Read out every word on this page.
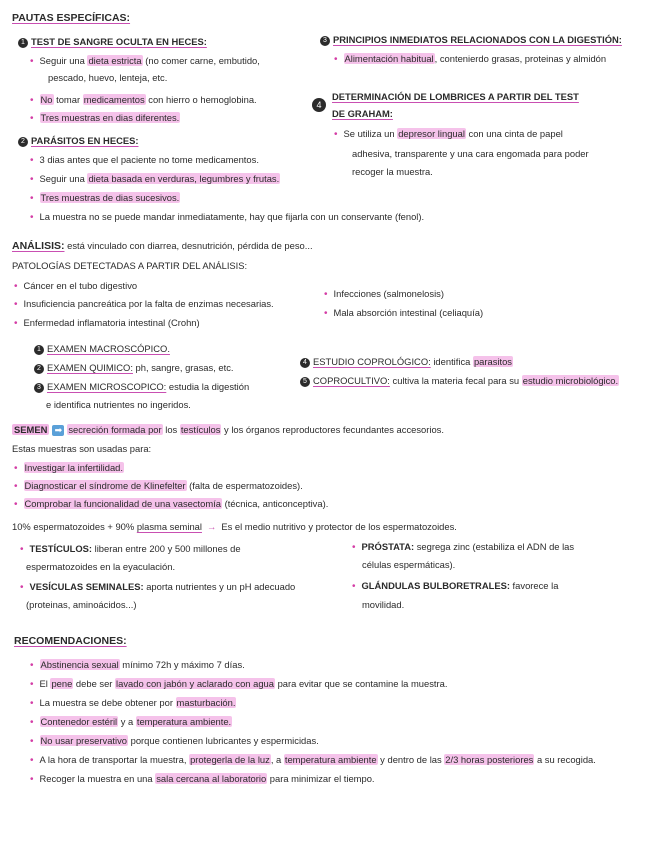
PAUTAS ESPECÍFICAS:
1 TEST DE SANGRE OCULTA EN HECES:
• Seguir una dieta estricta (no comer carne, embutido,
pescado, huevo, lenteja, etc.
• No tomar medicamentos con hierro o hemoglobina.
• Tres muestras en dias diferentes.
2 PARÁSITOS EN HECES:
• 3 dias antes que el paciente no tome medicamentos.
• Seguir una dieta basada en verduras, legumbres y frutas.
• Tres muestras de dias sucesivos.
• La muestra no se puede mandar inmediatamente, hay que fijarla con un conservante (fenol).
3 PRINCIPIOS INMEDIATOS RELACIONADOS CON LA DIGESTIÓN:
• Alimentación habitual, contenierdo grasas, proteinas y almidón
4
DETERMINACIÓN DE LOMBRICES A PARTIR DEL TEST
DE GRAHAM:
• Se utiliza un depresor lingual con una cinta de papel
adhesiva, transparente y una cara engomada para poder
recoger la muestra.
ANÁLISIS: está vinculado con diarrea, desnutrición, pérdida de peso...
PATOLOGÍAS DETECTADAS A PARTIR DEL ANÁLISIS:
• Cáncer en el tubo digestivo
• Insuficiencia pancreática por la falta de enzimas necesarias.
• Enfermedad inflamatoria intestinal (Crohn)
• Infecciones (salmonelosis)
• Mala absorción intestinal (celiaquía)
1 EXAMEN MACROSCÓPICO.
2 EXAMEN QUIMICO: ph, sangre, grasas, etc.
3 EXAMEN MICROSCOPICO: estudia la digestión
e identifica nutrientes no ingeridos.
4 ESTUDIO COPROLÓGICO: identifica parasitos
5 COPROCULTIVO: cultiva la materia fecal para su estudio microbiológico.
SEMEN ➡ secreción formada por los testículos y los órganos reproductores fecundantes accesorios.
Estas muestras son usadas para:
• Investigar la infertilidad.
• Diagnosticar el síndrome de Klinefelter (falta de espermatozoides).
• Comprobar la funcionalidad de una vasectomía (técnica, anticonceptiva).
10% espermatozoides + 90% plasma seminal → Es el medio nutritivo y protector de los espermatozoides.
• TESTÍCULOS: liberan entre 200 y 500 millones de
espermatozoides en la eyaculación.
• VESÍCULAS SEMINALES: aporta nutrientes y un pH adecuado
(proteinas, aminoácidos...)
• PRÓSTATA: segrega zinc (estabiliza el ADN de las
células espermáticas).
• GLÁNDULAS BULBORETRALES: favorece la
movilidad.
RECOMENDACIONES:
• Abstinencia sexual mínimo 72h y máximo 7 días.
• El pene debe ser lavado con jabón y aclarado con agua para evitar que se contamine la muestra.
• La muestra se debe obtener por masturbación.
• Contenedor estéril y a temperatura ambiente.
• No usar preservativo porque contienen lubricantes y espermicidas.
• A la hora de transportar la muestra, protegerla de la luz, a temperatura ambiente y dentro de las 2/3 horas posteriores a su recogida.
• Recoger la muestra en una sala cercana al laboratorio para minimizar el tiempo.
